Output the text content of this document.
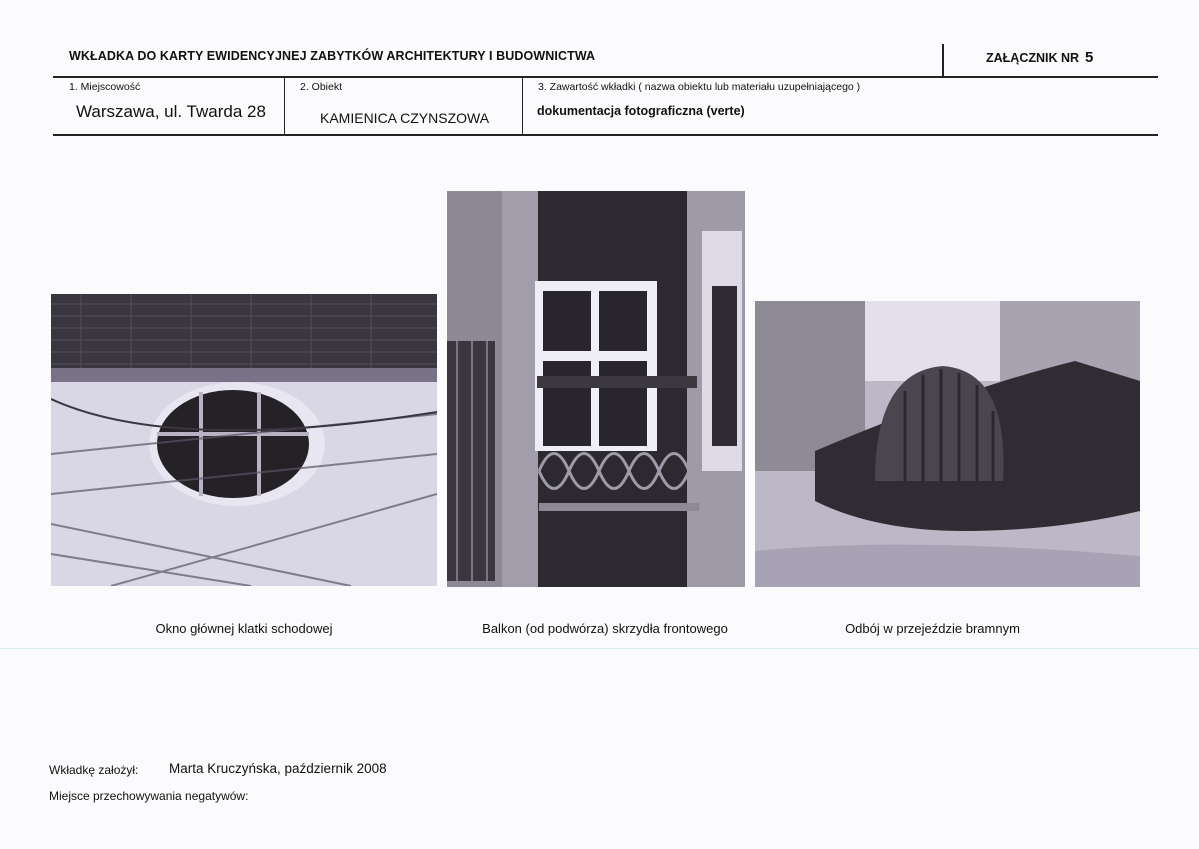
WKŁADKA DO KARTY EWIDENCYJNEJ ZABYTKÓW ARCHITEKTURY I BUDOWNICTWA	ZAŁĄCZNIK NR 5
1. Miejscowość
Warszawa, ul. Twarda 28
2. Obiekt
KAMIENICA CZYNSZOWA
3. Zawartość wkładki ( nazwa obiektu lub materiału uzupełniającego )
dokumentacja fotograficzna (verte)
Okno głównej klatki schodowej	Balkon (od podwórza) skrzydła frontowego	Odbój w przejeździe bramnym
Wkładkę założył: Marta Kruczyńska, październik 2008
Miejsce przechowywania negatywów:
